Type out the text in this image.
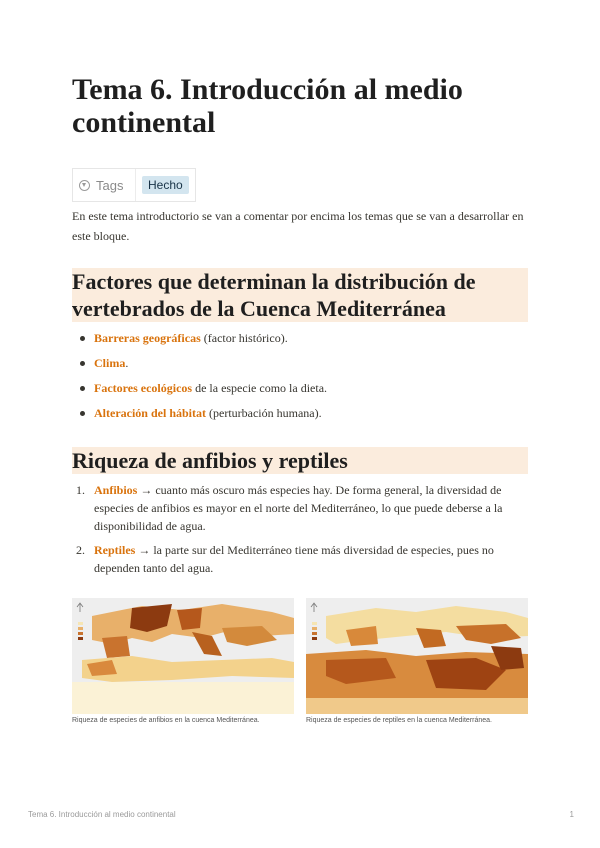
Tema 6. Introducción al medio continental
Tags	Hecho

En este tema introductorio se van a comentar por encima los temas que se van a desarrollar en este bloque.

Factores que determinan la distribución de vertebrados de la Cuenca Mediterránea
Barreras geográficas (factor histórico).
Clima.
Factores ecológicos de la especie como la dieta.
Alteración del hábitat (perturbación humana).
Riqueza de anfibios y reptiles
1. Anfibios → cuanto más oscuro más especies hay. De forma general, la diversidad de especies de anfibios es mayor en el norte del Mediterráneo, lo que puede deberse a la disponibilidad de agua.
2. Reptiles → la parte sur del Mediterráneo tiene más diversidad de especies, pues no dependen tanto del agua.
Riqueza de especies de anfibios en la cuenca Mediterránea.	Riqueza de especies de reptiles en la cuenca Mediterránea.
Tema 6. Introducción al medio continental	1
